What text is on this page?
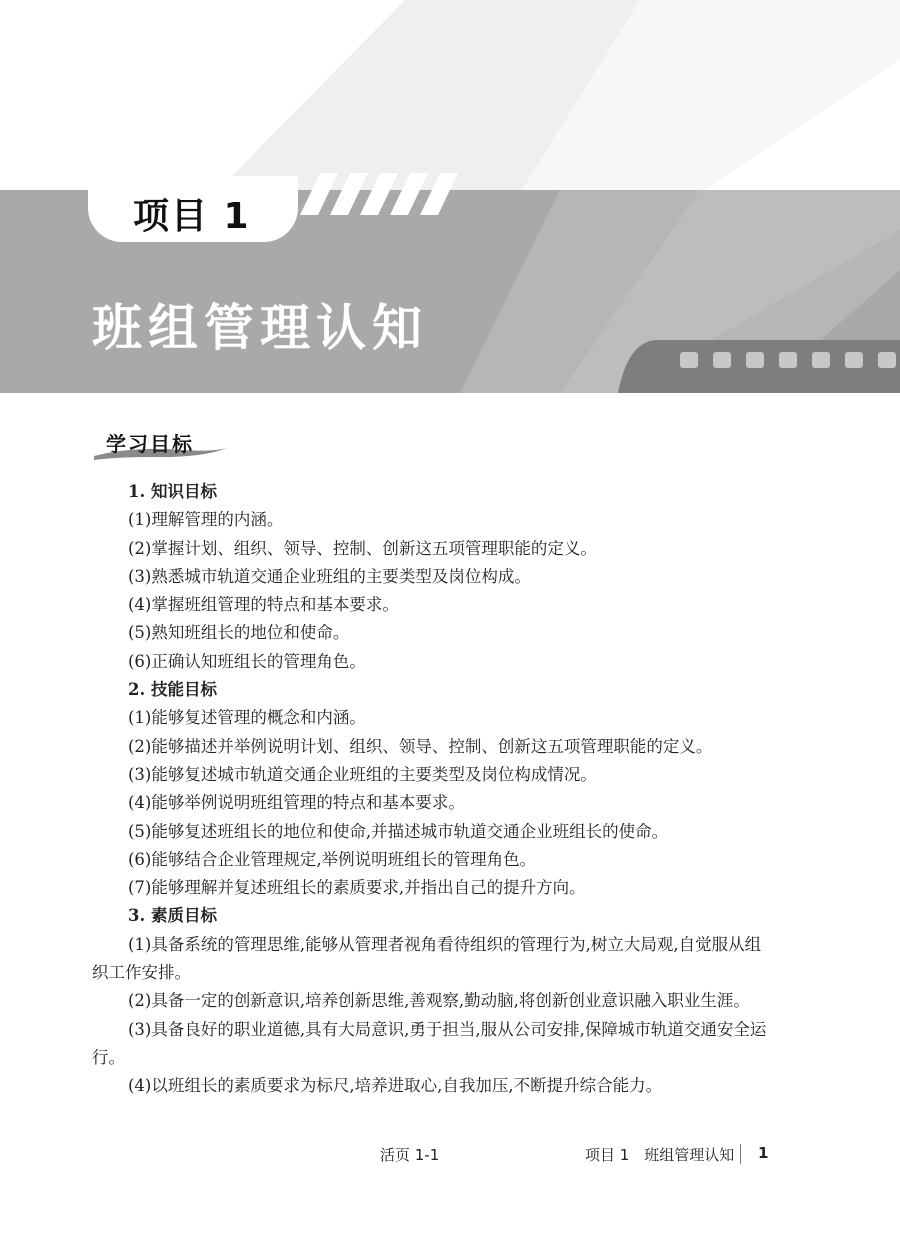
项目 1
班组管理认知
学习目标
1. 知识目标
(1)理解管理的内涵。
(2)掌握计划、组织、领导、控制、创新这五项管理职能的定义。
(3)熟悉城市轨道交通企业班组的主要类型及岗位构成。
(4)掌握班组管理的特点和基本要求。
(5)熟知班组长的地位和使命。
(6)正确认知班组长的管理角色。
2. 技能目标
(1)能够复述管理的概念和内涵。
(2)能够描述并举例说明计划、组织、领导、控制、创新这五项管理职能的定义。
(3)能够复述城市轨道交通企业班组的主要类型及岗位构成情况。
(4)能够举例说明班组管理的特点和基本要求。
(5)能够复述班组长的地位和使命,并描述城市轨道交通企业班组长的使命。
(6)能够结合企业管理规定,举例说明班组长的管理角色。
(7)能够理解并复述班组长的素质要求,并指出自己的提升方向。
3. 素质目标

(1)具备系统的管理思维,能够从管理者视角看待组织的管理行为,树立大局观,自觉服从组织工作安排。

(2)具备一定的创新意识,培养创新思维,善观察,勤动脑,将创新创业意识融入职业生涯。

(3)具备良好的职业道德,具有大局意识,勇于担当,服从公司安排,保障城市轨道交通安全运行。

(4)以班组长的素质要求为标尺,培养进取心,自我加压,不断提升综合能力。

活页 1-1	项目 1　班组管理认知 1
